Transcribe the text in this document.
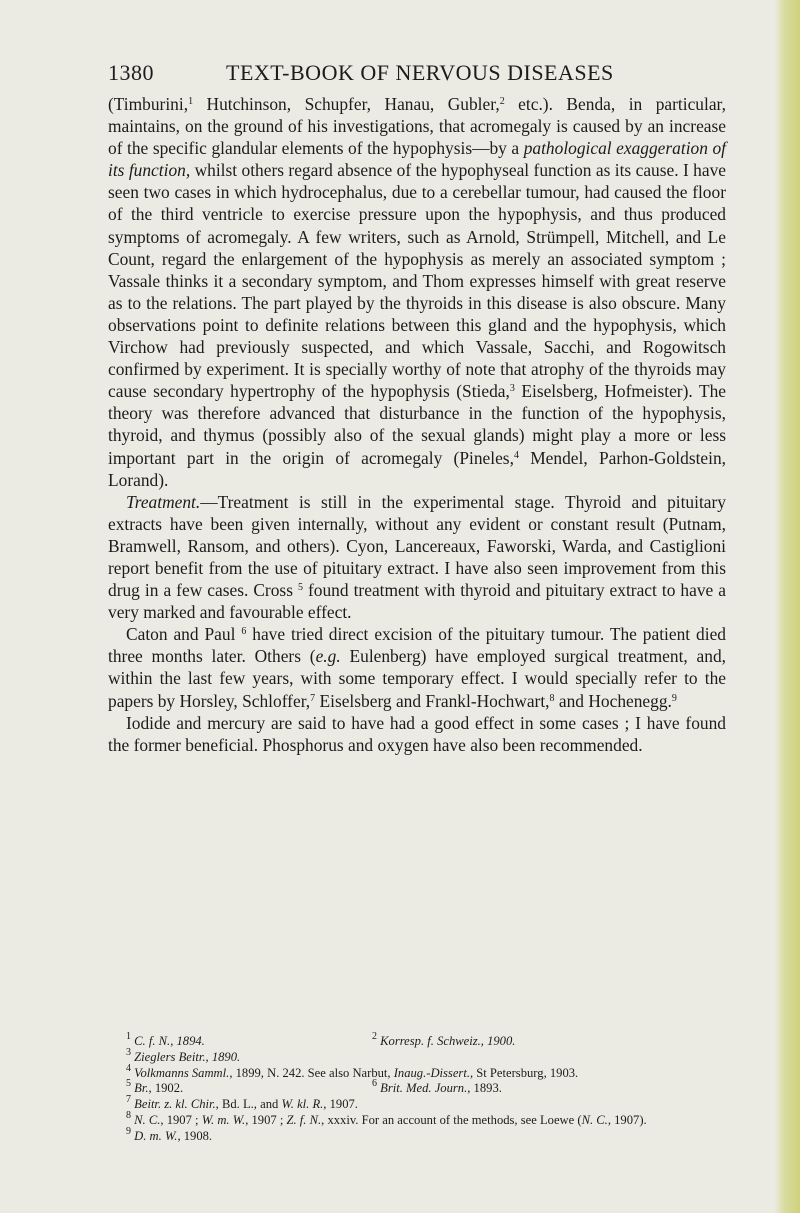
1380	TEXT-BOOK OF NERVOUS DISEASES

(Timburini,$^1$ Hutchinson, Schupfer, Hanau, Gubler,$^2$ etc.). Benda, in particular, maintains, on the ground of his investigations, that acromegaly is caused by an increase of the specific glandular elements of the hypophysis—by a pathological exaggeration of its function, whilst others regard absence of the hypophyseal function as its cause. I have seen two cases in which hydrocephalus, due to a cerebellar tumour, had caused the floor of the third ventricle to exercise pressure upon the hypophysis, and thus produced symptoms of acromegaly. A few writers, such as Arnold, Strümpell, Mitchell, and Le Count, regard the enlargement of the hypophysis as merely an associated symptom ; Vassale thinks it a secondary symptom, and Thom expresses himself with great reserve as to the relations. The part played by the thyroids in this disease is also obscure. Many observations point to definite relations between this gland and the hypophysis, which Virchow had previously suspected, and which Vassale, Sacchi, and Rogowitsch confirmed by experiment. It is specially worthy of note that atrophy of the thyroids may cause secondary hypertrophy of the hypophysis (Stieda,$^3$ Eiselsberg, Hofmeister). The theory was therefore advanced that disturbance in the function of the hypophysis, thyroid, and thymus (possibly also of the sexual glands) might play a more or less important part in the origin of acromegaly (Pineles,$^4$ Mendel, Parhon-Goldstein, Lorand).

Treatment.—Treatment is still in the experimental stage. Thyroid and pituitary extracts have been given internally, without any evident or constant result (Putnam, Bramwell, Ransom, and others). Cyon, Lancereaux, Faworski, Warda, and Castiglioni report benefit from the use of pituitary extract. I have also seen improvement from this drug in a few cases. Cross $^5$ found treatment with thyroid and pituitary extract to have a very marked and favourable effect.

Caton and Paul $^6$ have tried direct excision of the pituitary tumour. The patient died three months later. Others (e.g. Eulenberg) have employed surgical treatment, and, within the last few years, with some temporary effect. I would specially refer to the papers by Horsley, Schloffer,$^7$ Eiselsberg and Frankl-Hochwart,$^8$ and Hochenegg.$^9$

Iodide and mercury are said to have had a good effect in some cases ; I have found the former beneficial. Phosphorus and oxygen have also been recommended.

$^1$ C. f. N., 1894.	$^2$ Korresp. f. Schweiz., 1900.
$^3$ Zieglers Beitr., 1890.
$^4$ Volkmanns Samml., 1899, N. 242. See also Narbut, Inaug.-Dissert., St Petersburg, 1903.
$^5$ Br., 1902.	$^6$ Brit. Med. Journ., 1893.
$^7$ Beitr. z. kl. Chir., Bd. L., and W. kl. R., 1907.
$^8$ N. C., 1907 ; W. m. W., 1907 ; Z. f. N., xxxiv. For an account of the methods, see Loewe (N. C., 1907).
$^9$ D. m. W., 1908.
